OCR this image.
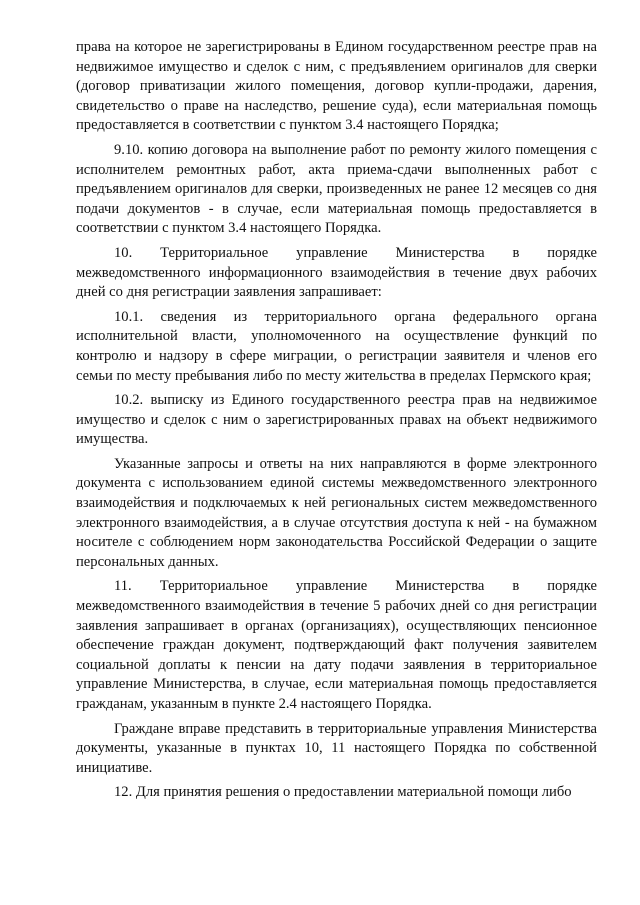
права на которое не зарегистрированы в Едином государственном реестре прав на недвижимое имущество и сделок с ним, с предъявлением оригиналов для сверки (договор приватизации жилого помещения, договор купли-продажи, дарения, свидетельство о праве на наследство, решение суда), если материальная помощь предоставляется в соответствии с пунктом 3.4 настоящего Порядка;

9.10. копию договора на выполнение работ по ремонту жилого помещения с исполнителем ремонтных работ, акта приема-сдачи выполненных работ с предъявлением оригиналов для сверки, произведенных не ранее 12 месяцев со дня подачи документов - в случае, если материальная помощь предоставляется в соответствии с пунктом 3.4 настоящего Порядка.

10. Территориальное управление Министерства в порядке межведомственного информационного взаимодействия в течение двух рабочих дней со дня регистрации заявления запрашивает:

10.1. сведения из территориального органа федерального органа исполнительной власти, уполномоченного на осуществление функций по контролю и надзору в сфере миграции, о регистрации заявителя и членов его семьи по месту пребывания либо по месту жительства в пределах Пермского края;

10.2. выписку из Единого государственного реестра прав на недвижимое имущество и сделок с ним о зарегистрированных правах на объект недвижимого имущества.

Указанные запросы и ответы на них направляются в форме электронного документа с использованием единой системы межведомственного электронного взаимодействия и подключаемых к ней региональных систем межведомственного электронного взаимодействия, а в случае отсутствия доступа к ней - на бумажном носителе с соблюдением норм законодательства Российской Федерации о защите персональных данных.

11. Территориальное управление Министерства в порядке межведомственного взаимодействия в течение 5 рабочих дней со дня регистрации заявления запрашивает в органах (организациях), осуществляющих пенсионное обеспечение граждан документ, подтверждающий факт получения заявителем социальной доплаты к пенсии на дату подачи заявления в территориальное управление Министерства, в случае, если материальная помощь предоставляется гражданам, указанным в пункте 2.4 настоящего Порядка.

Граждане вправе представить в территориальные управления Министерства документы, указанные в пунктах 10, 11 настоящего Порядка по собственной инициативе.

12. Для принятия решения о предоставлении материальной помощи либо
